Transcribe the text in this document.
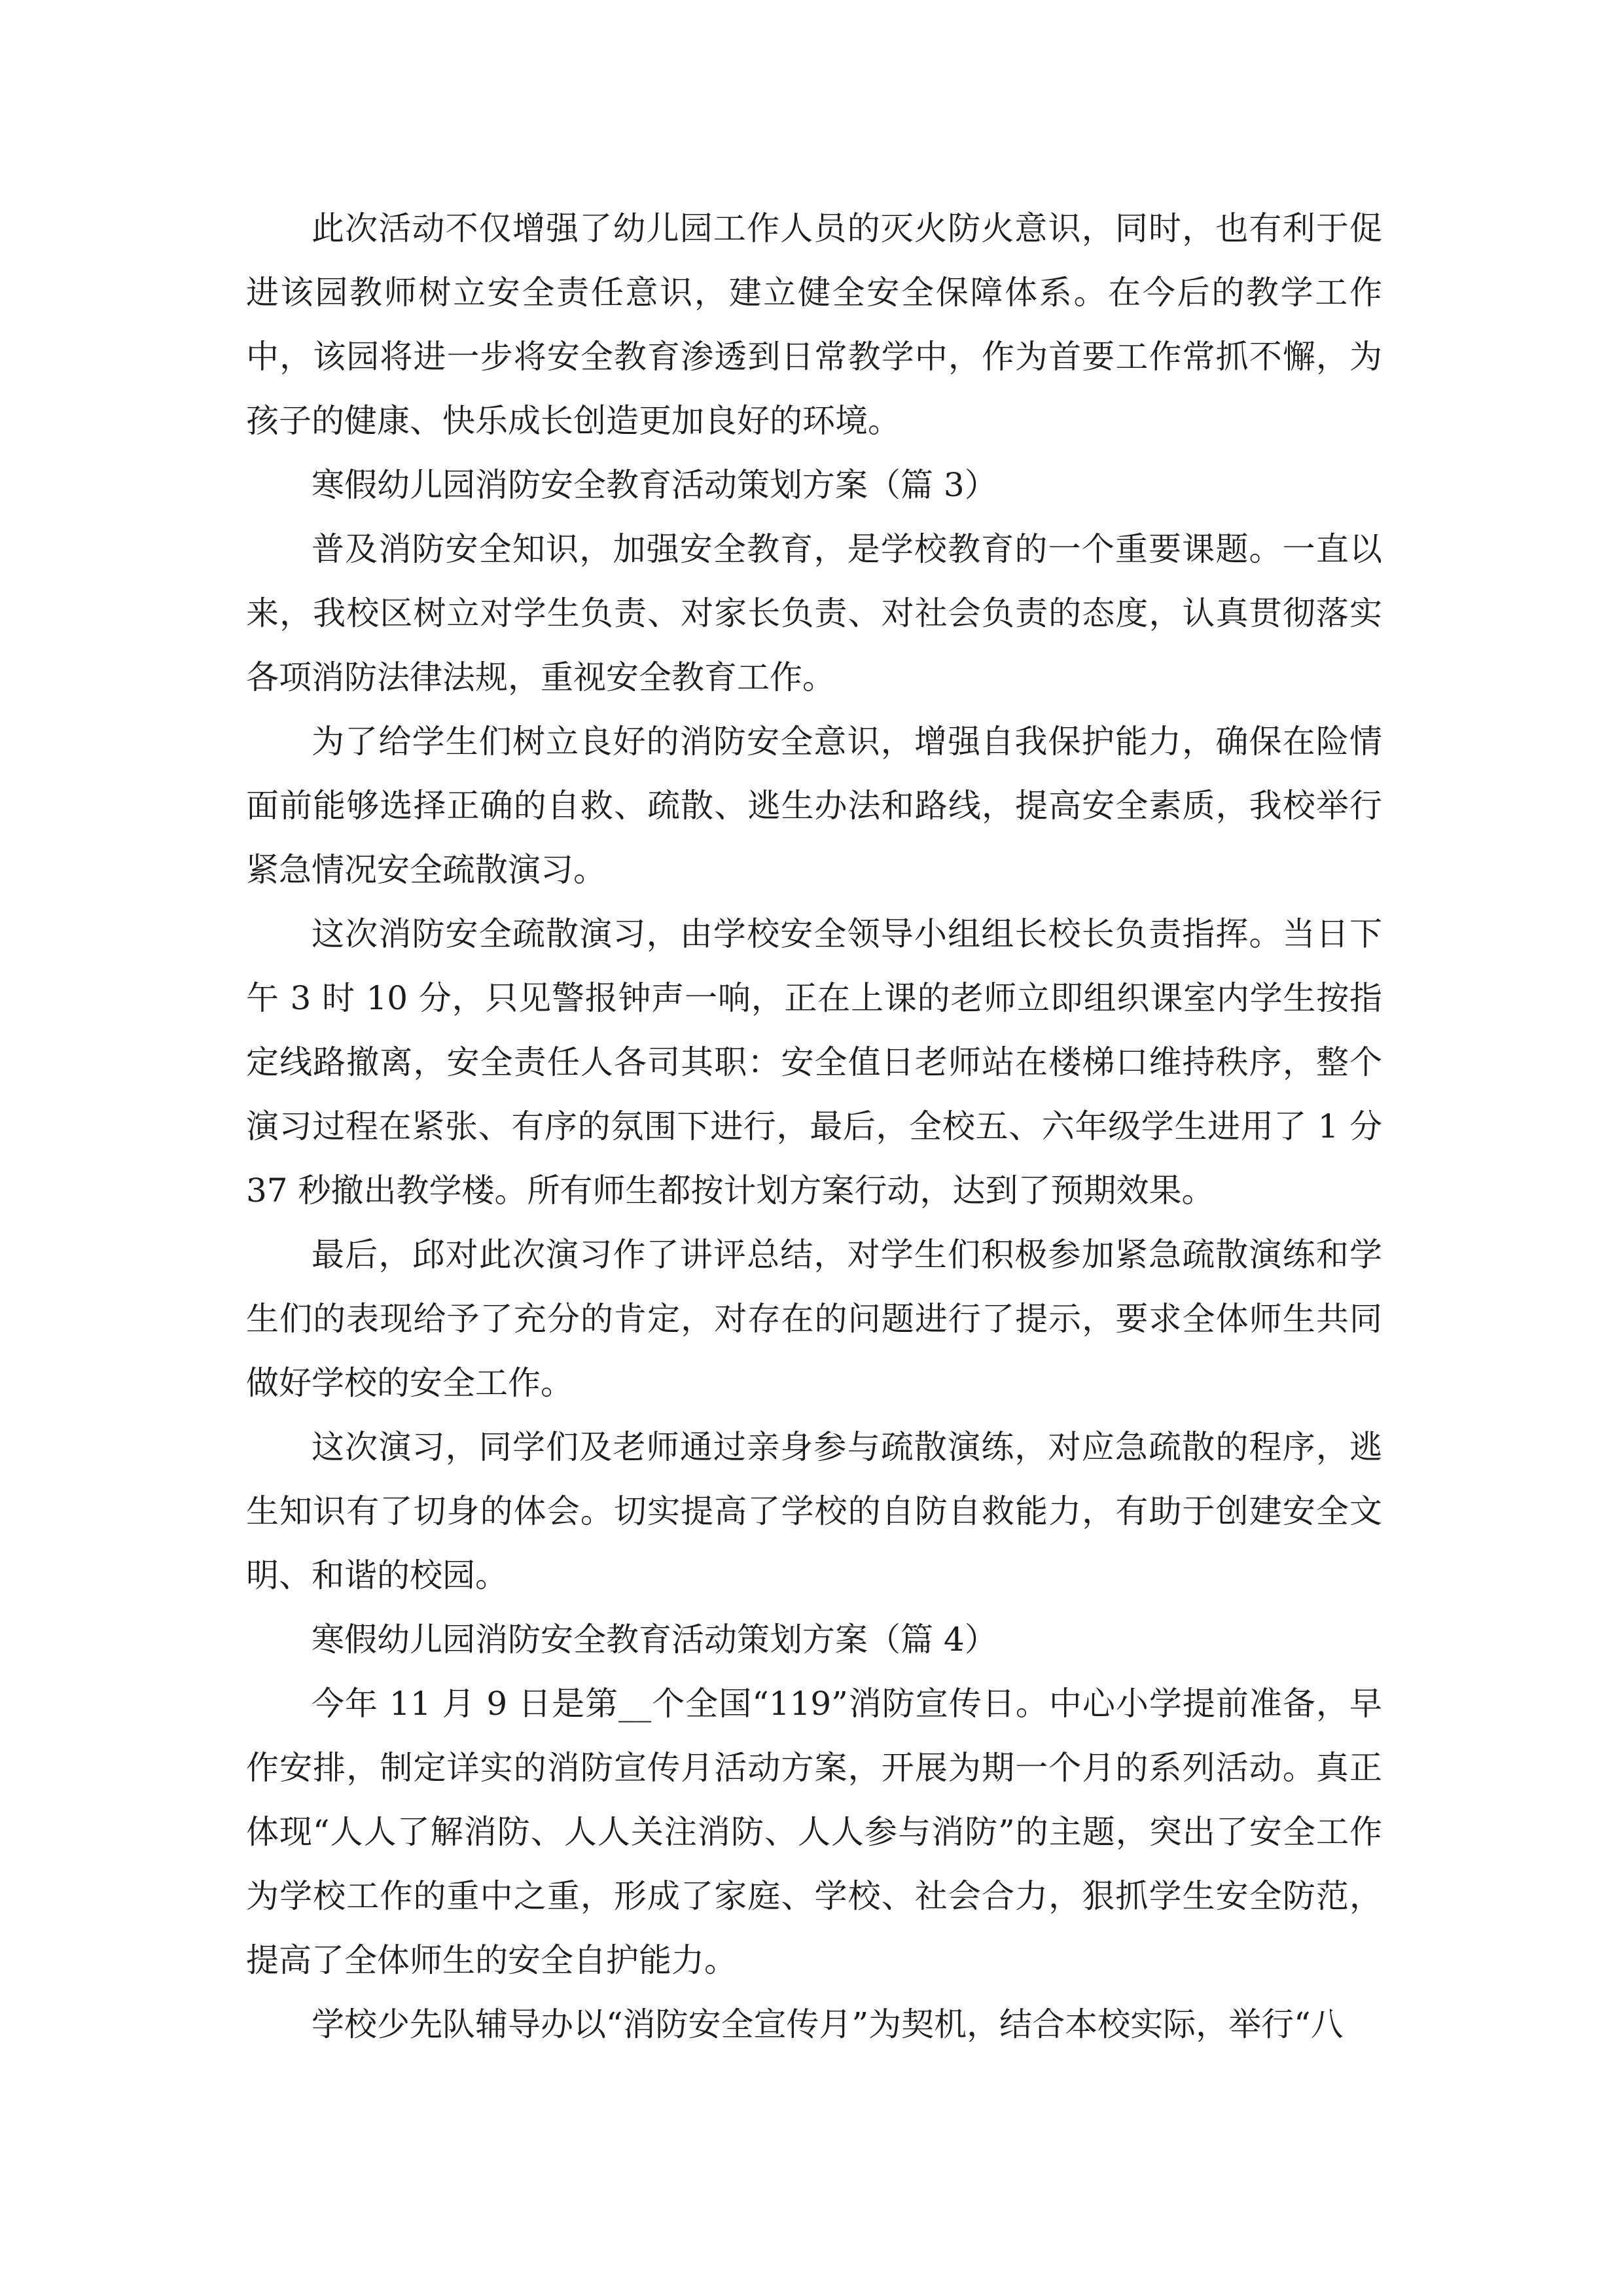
此次活动不仅增强了幼儿园工作人员的灭火防火意识，同时，也有利于促进该园教师树立安全责任意识，建立健全安全保障体系。在今后的教学工作中，该园将进一步将安全教育渗透到日常教学中，作为首要工作常抓不懈，为孩子的健康、快乐成长创造更加良好的环境。

寒假幼儿园消防安全教育活动策划方案（篇 3）

普及消防安全知识，加强安全教育，是学校教育的一个重要课题。一直以来，我校区树立对学生负责、对家长负责、对社会负责的态度，认真贯彻落实各项消防法律法规，重视安全教育工作。

为了给学生们树立良好的消防安全意识，增强自我保护能力，确保在险情面前能够选择正确的自救、疏散、逃生办法和路线，提高安全素质，我校举行紧急情况安全疏散演习。

这次消防安全疏散演习，由学校安全领导小组组长校长负责指挥。当日下午 3 时 10 分，只见警报钟声一响，正在上课的老师立即组织课室内学生按指定线路撤离，安全责任人各司其职：安全值日老师站在楼梯口维持秩序，整个演习过程在紧张、有序的氛围下进行，最后，全校五、六年级学生进用了 1 分 37 秒撤出教学楼。所有师生都按计划方案行动，达到了预期效果。

最后，邱对此次演习作了讲评总结，对学生们积极参加紧急疏散演练和学生们的表现给予了充分的肯定，对存在的问题进行了提示，要求全体师生共同做好学校的安全工作。

这次演习，同学们及老师通过亲身参与疏散演练，对应急疏散的程序，逃生知识有了切身的体会。切实提高了学校的自防自救能力，有助于创建安全文明、和谐的校园。

寒假幼儿园消防安全教育活动策划方案（篇 4）

今年 11 月 9 日是第__个全国“119”消防宣传日。中心小学提前准备，早作安排，制定详实的消防宣传月活动方案，开展为期一个月的系列活动。真正体现“人人了解消防、人人关注消防、人人参与消防”的主题，突出了安全工作为学校工作的重中之重，形成了家庭、学校、社会合力，狠抓学生安全防范，提高了全体师生的安全自护能力。

学校少先队辅导办以“消防安全宣传月”为契机，结合本校实际，举行“八
